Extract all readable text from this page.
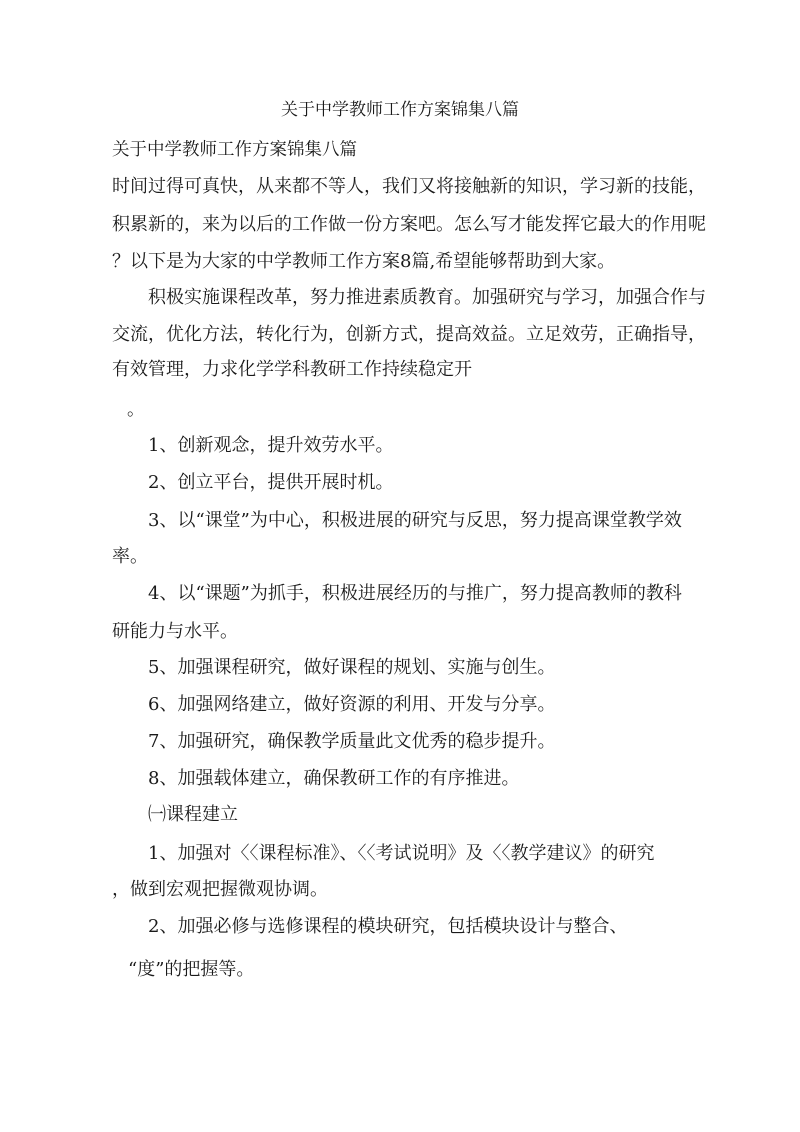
关于中学教师工作方案锦集八篇
关于中学教师工作方案锦集八篇
时间过得可真快，从来都不等人，我们又将接触新的知识，学习新的技能，
积累新的，来为以后的工作做一份方案吧。怎么写才能发挥它最大的作用呢
？以下是为大家的中学教师工作方案8篇,希望能够帮助到大家。
积极实施课程改革，努力推进素质教育。加强研究与学习，加强合作与
交流，优化方法，转化行为，创新方式，提高效益。立足效劳，正确指导，
有效管理，力求化学学科教研工作持续稳定开
。
1、创新观念，提升效劳水平。
2、创立平台，提供开展时机。
3、以“课堂”为中心，积极进展的研究与反思，努力提高课堂教学效
率。
4、以“课题”为抓手，积极进展经历的与推广，努力提高教师的教科
研能力与水平。
5、加强课程研究，做好课程的规划、实施与创生。
6、加强网络建立，做好资源的利用、开发与分享。
7、加强研究，确保教学质量此文优秀的稳步提升。
8、加强载体建立，确保教研工作的有序推进。
㈠课程建立
1、加强对〈〈课程标准》、〈〈考试说明》及〈〈教学建议》的研究
，做到宏观把握微观协调。
2、加强必修与选修课程的模块研究，包括模块设计与整合、
“度”的把握等。
